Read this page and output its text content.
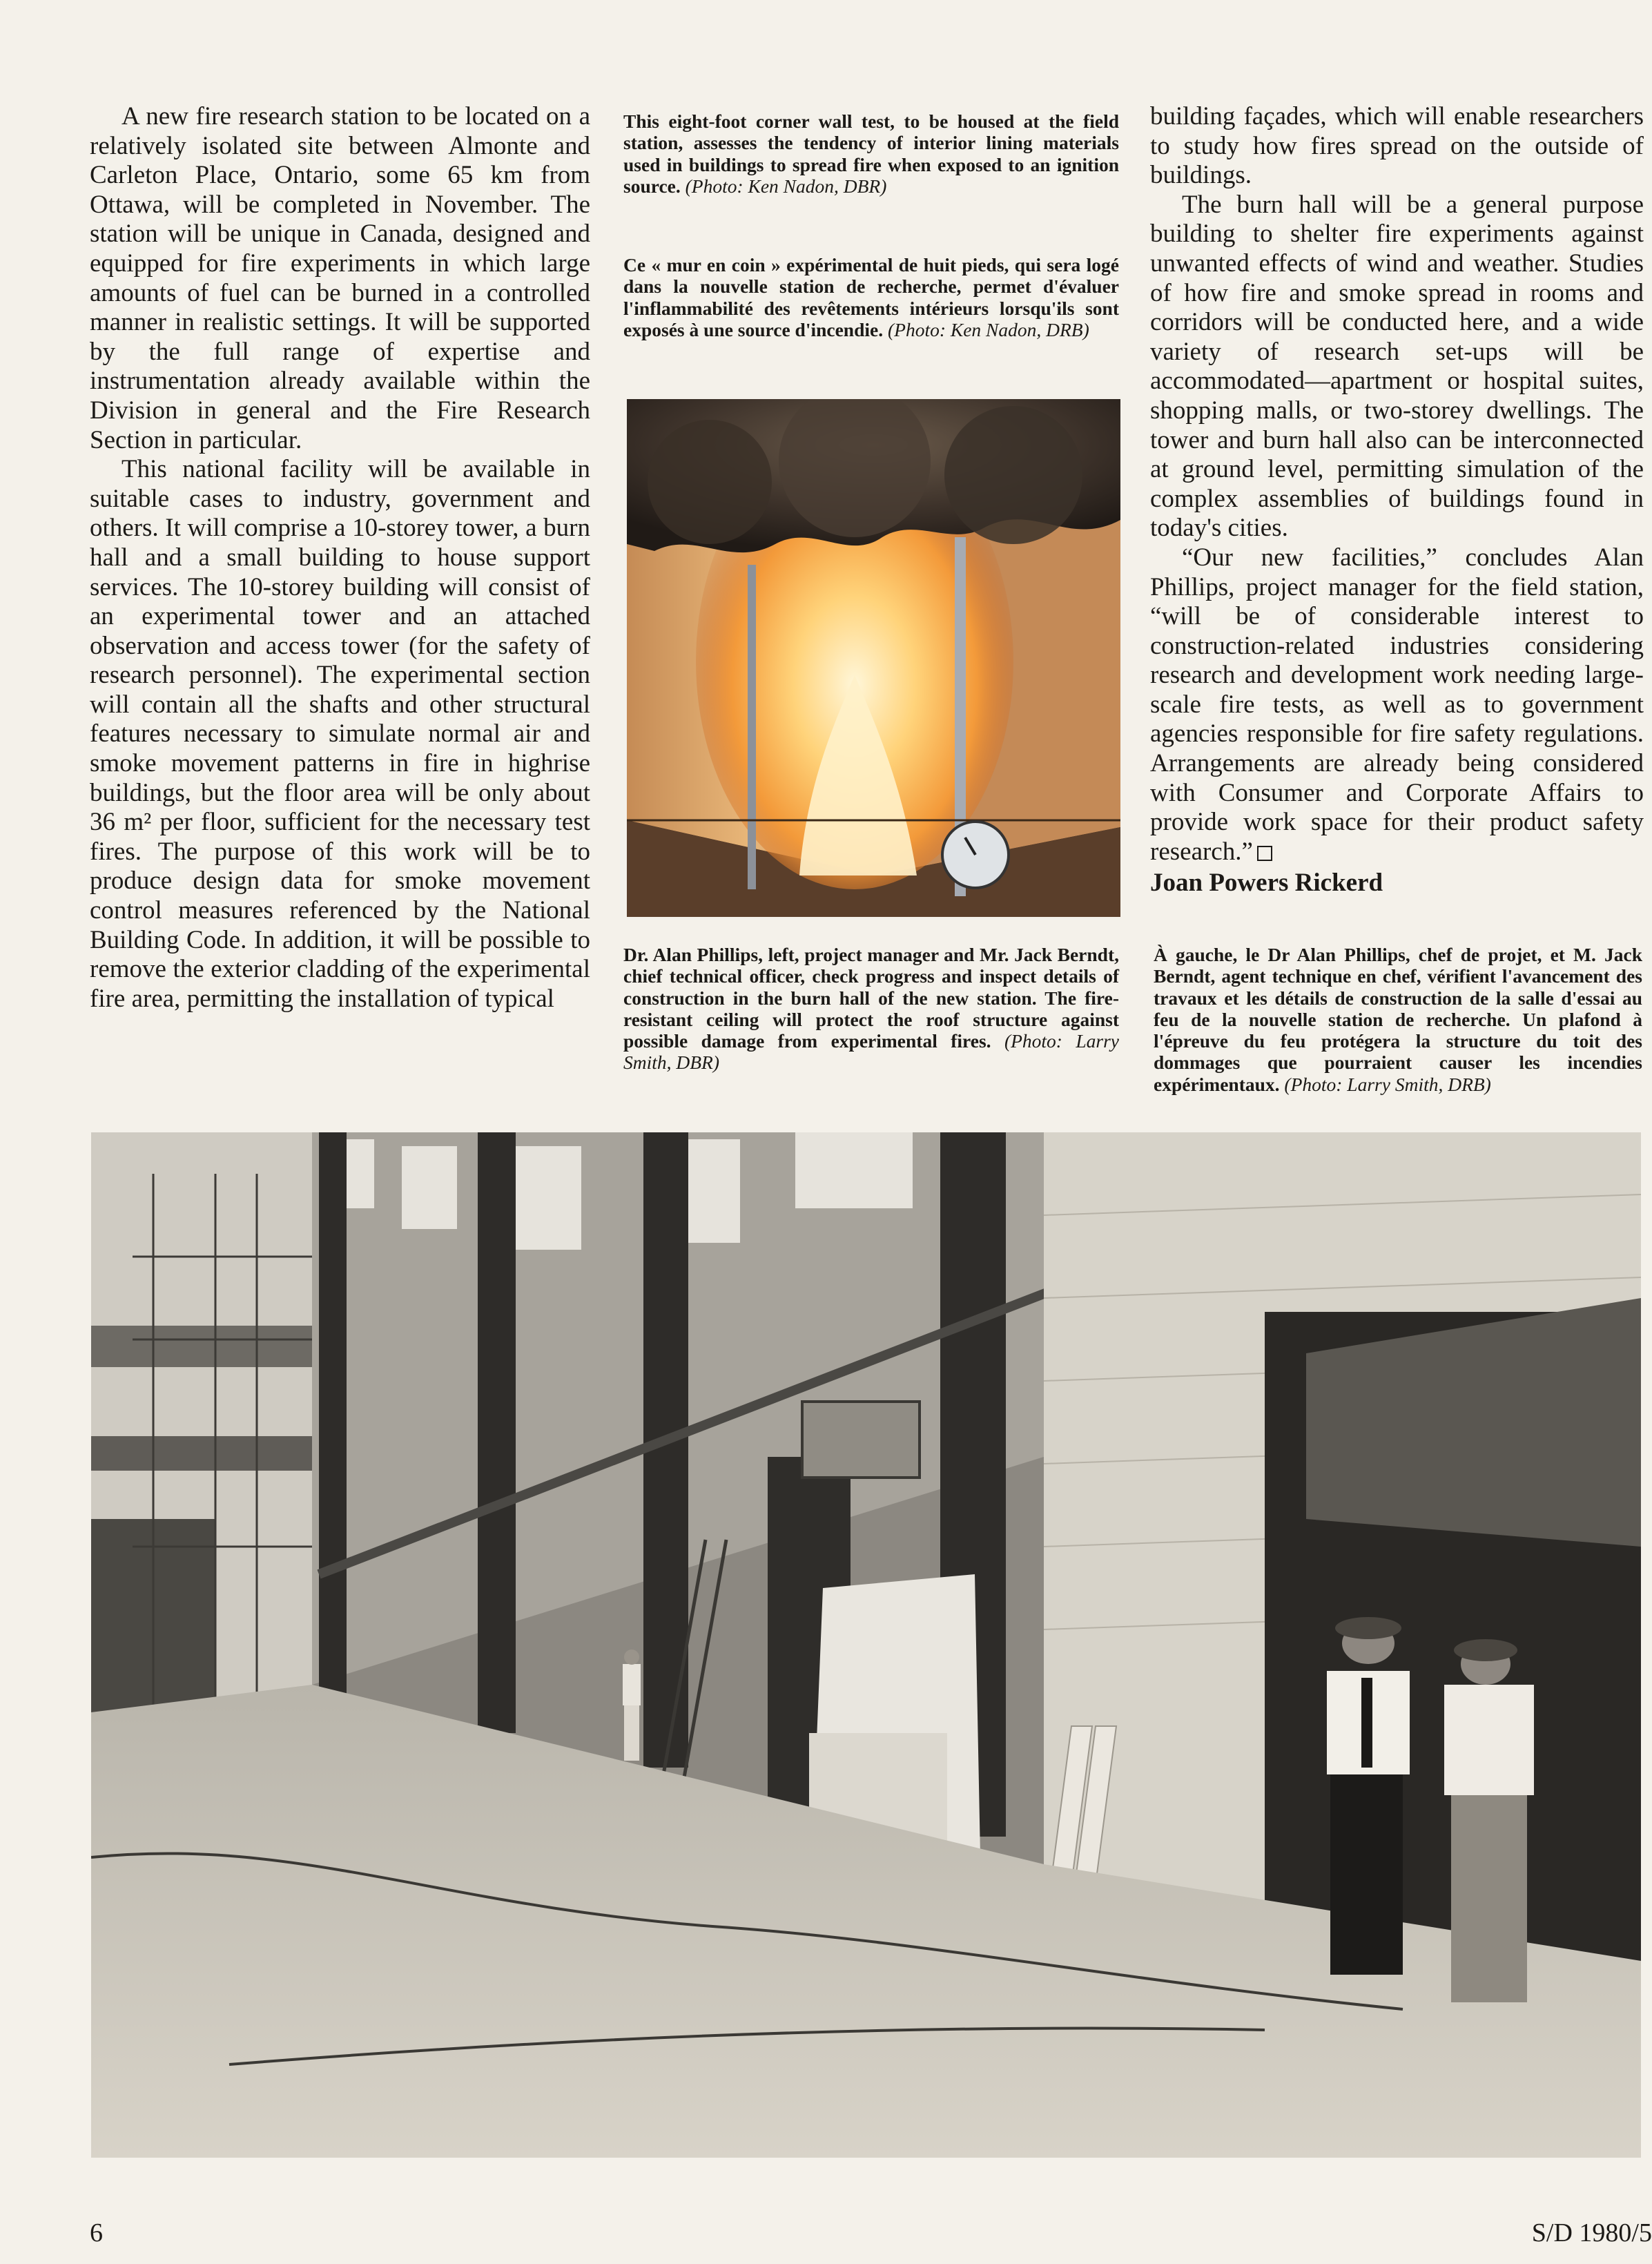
A new fire research station to be located on a relatively isolated site between Almonte and Carleton Place, Ontario, some 65 km from Ottawa, will be completed in November. The station will be unique in Canada, designed and equipped for fire experiments in which large amounts of fuel can be burned in a controlled manner in realistic settings. It will be supported by the full range of expertise and instrumentation already available within the Division in general and the Fire Research Section in particular.

This national facility will be available in suitable cases to industry, government and others. It will comprise a 10-storey tower, a burn hall and a small building to house support services. The 10-storey building will consist of an experimental tower and an attached observation and access tower (for the safety of research personnel). The experimental section will contain all the shafts and other structural features necessary to simulate normal air and smoke movement patterns in fire in highrise buildings, but the floor area will be only about 36 m² per floor, sufficient for the necessary test fires. The purpose of this work will be to produce design data for smoke movement control measures referenced by the National Building Code. In addition, it will be possible to remove the exterior cladding of the experimental fire area, permitting the installation of typical

This eight-foot corner wall test, to be housed at the field station, assesses the tendency of interior lining materials used in buildings to spread fire when exposed to an ignition source. (Photo: Ken Nadon, DBR)
Ce « mur en coin » expérimental de huit pieds, qui sera logé dans la nouvelle station de recherche, permet d'évaluer l'inflammabilité des revêtements intérieurs lorsqu'ils sont exposés à une source d'incendie. (Photo: Ken Nadon, DRB)
Dr. Alan Phillips, left, project manager and Mr. Jack Berndt, chief technical officer, check progress and inspect details of construction in the burn hall of the new station. The fire-resistant ceiling will protect the roof structure against possible damage from experimental fires. (Photo: Larry Smith, DBR)

building façades, which will enable researchers to study how fires spread on the outside of buildings.

The burn hall will be a general purpose building to shelter fire experiments against unwanted effects of wind and weather. Studies of how fire and smoke spread in rooms and corridors will be conducted here, and a wide variety of research set-ups will be accommodated—apartment or hospital suites, shopping malls, or two-storey dwellings. The tower and burn hall also can be interconnected at ground level, permitting simulation of the complex assemblies of buildings found in today's cities.

“Our new facilities,” concludes Alan Phillips, project manager for the field station, “will be of considerable interest to construction-related industries considering research and development work needing large-scale fire tests, as well as to government agencies responsible for fire safety regulations. Arrangements are already being considered with Consumer and Corporate Affairs to provide work space for their product safety research.”

Joan Powers Rickerd
À gauche, le Dr Alan Phillips, chef de projet, et M. Jack Berndt, agent technique en chef, vérifient l'avancement des travaux et les détails de construction de la salle d'essai au feu de la nouvelle station de recherche. Un plafond à l'épreuve du feu protégera la structure du toit des dommages que pourraient causer les incendies expérimentaux. (Photo: Larry Smith, DRB)
6	S/D 1980/5
